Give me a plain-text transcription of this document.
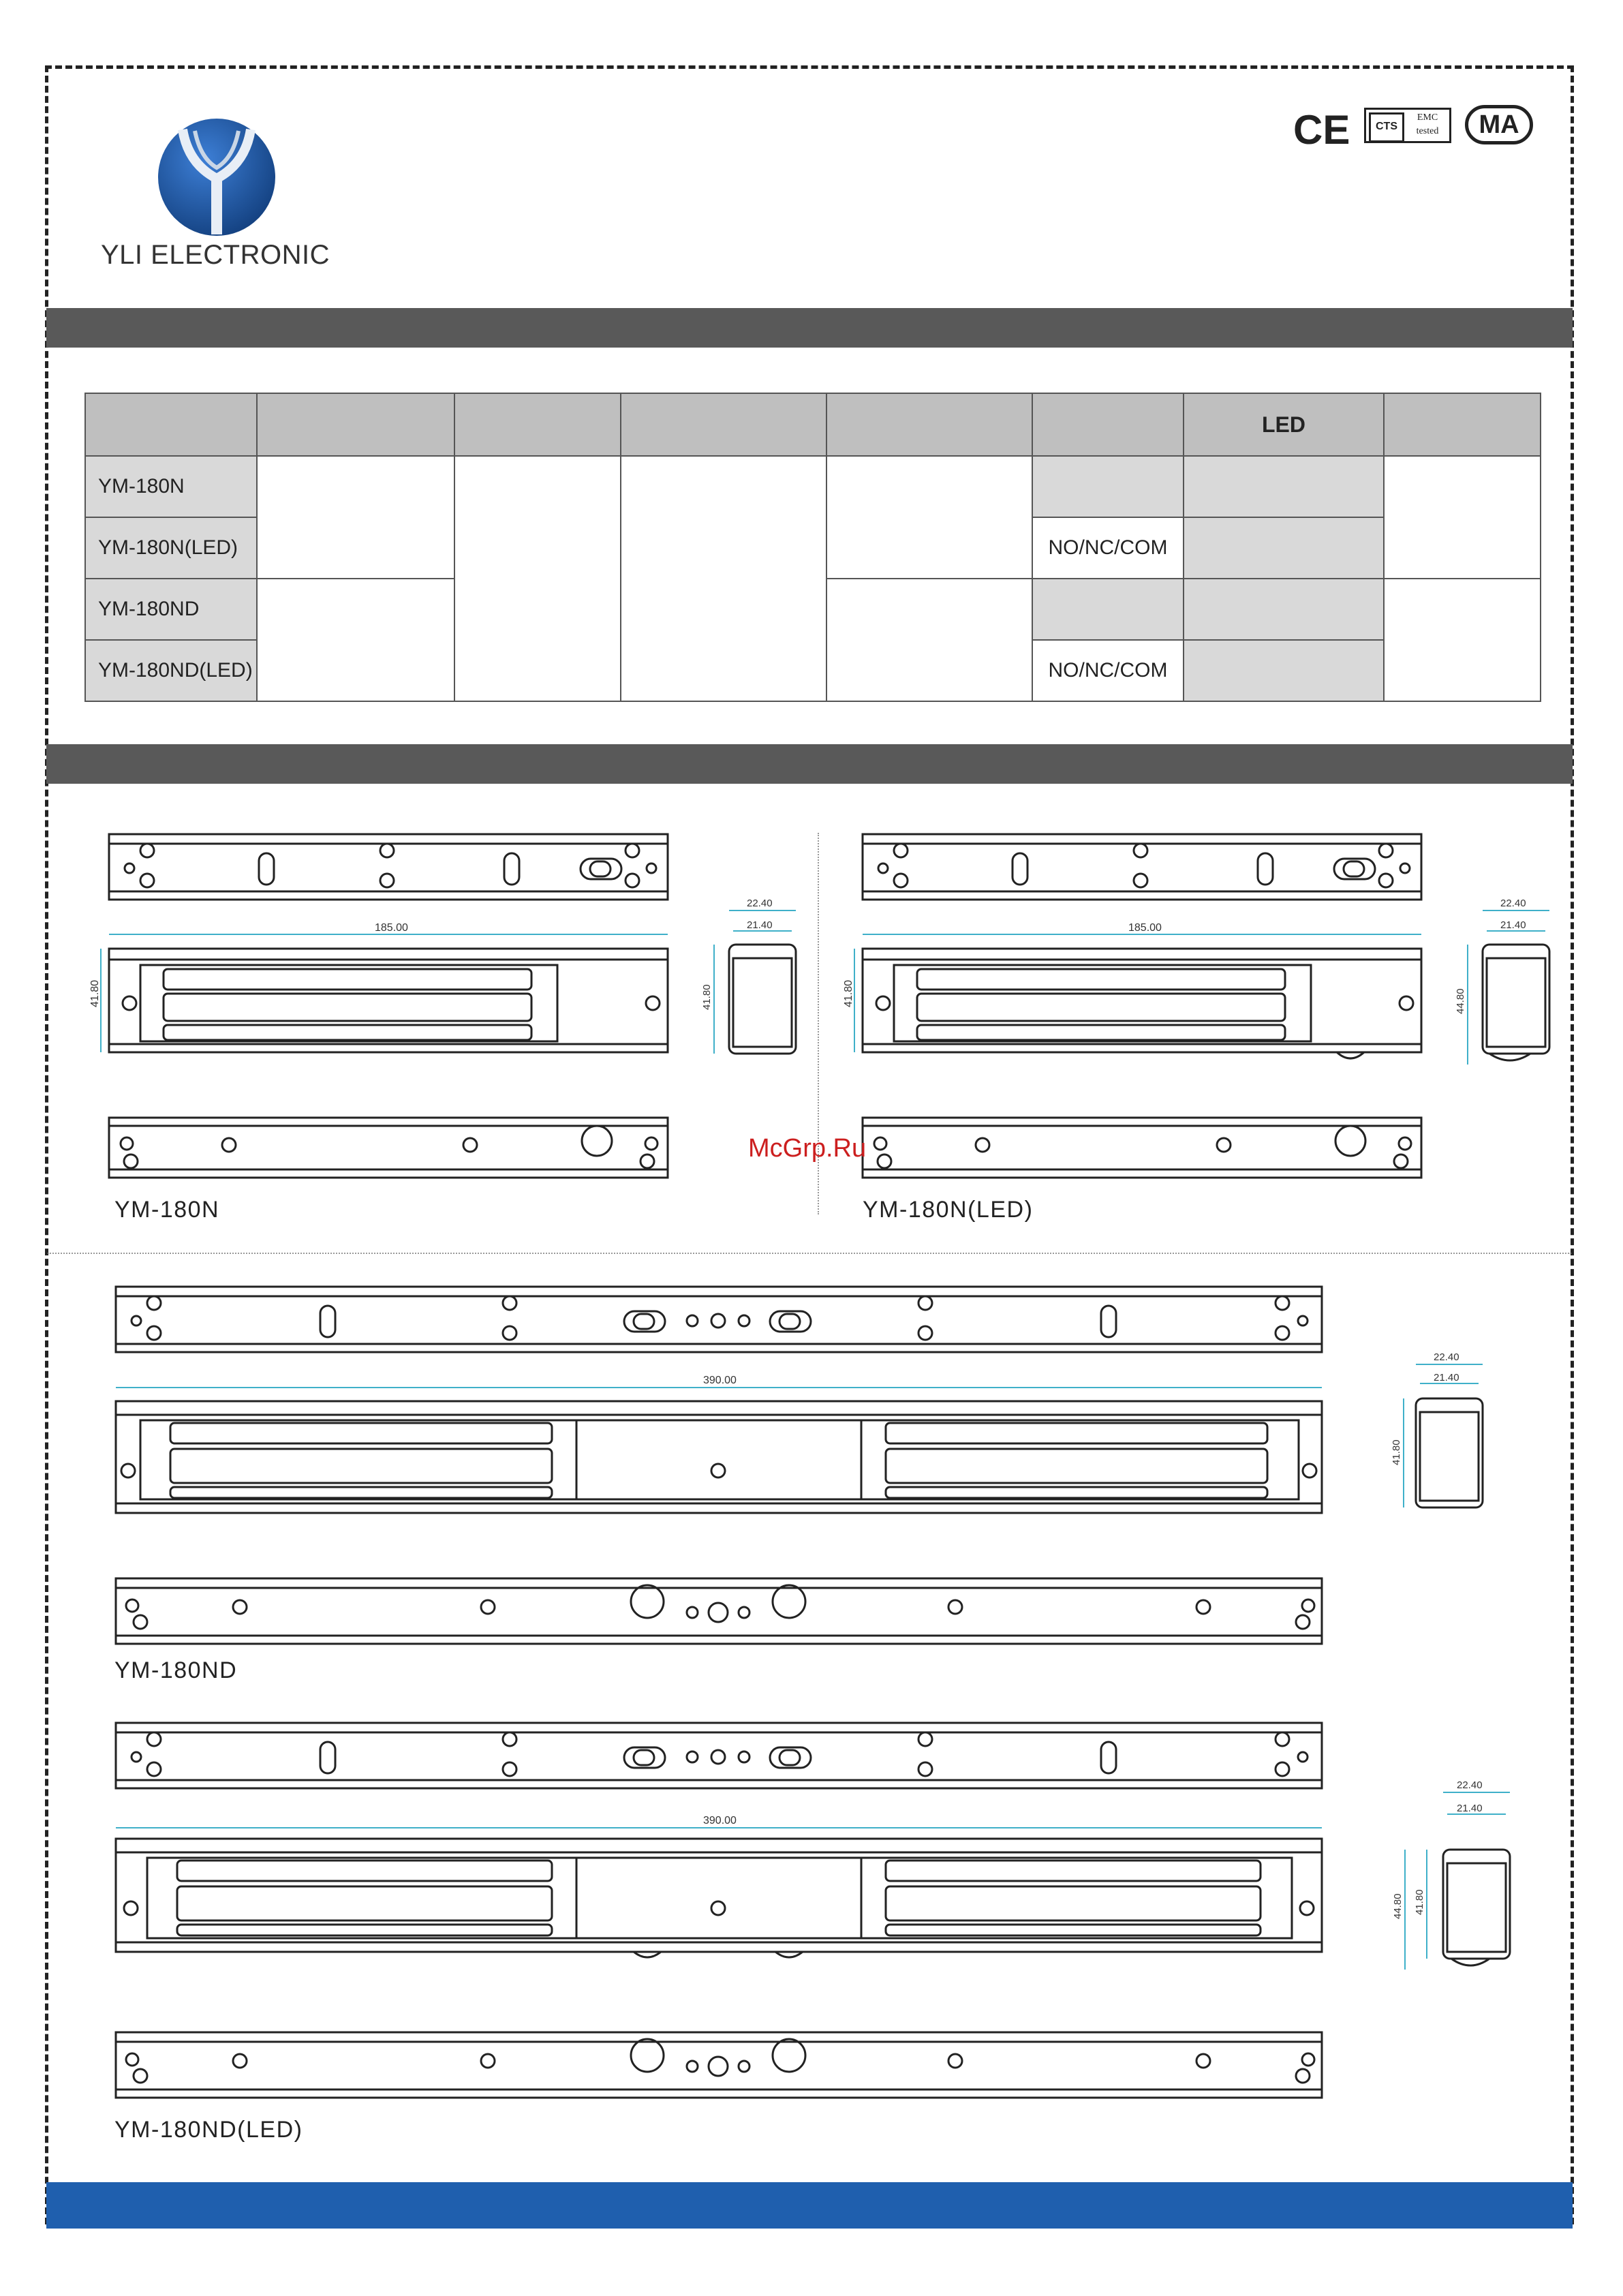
YLI ELECTRONIC
CE	CTS
EMC tested	MA
						LED	
YM-180N							
YM-180N(LED)					NO/NC/COM		
YM-180ND							
YM-180ND(LED)					NO/NC/COM		
185.00
41.80
22.40
21.40
41.80
YM-180N
185.00
41.80
22.40
21.40
44.80
YM-180N(LED)
390.00
22.40
21.40
41.80
YM-180ND
390.00
22.40
21.40
44.80 41.80
YM-180ND(LED)
McGrp.Ru
